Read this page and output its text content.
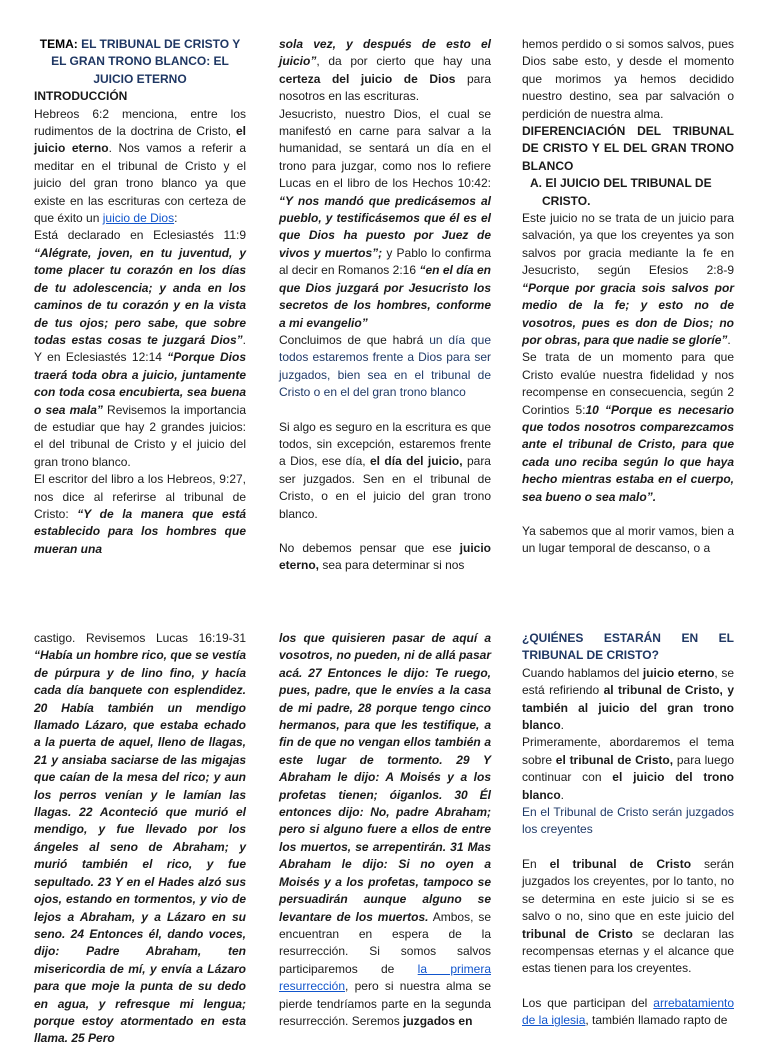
TEMA: EL TRIBUNAL DE CRISTO Y EL GRAN TRONO BLANCO: EL JUICIO ETERNO

INTRODUCCIÓN

Hebreos 6:2 menciona, entre los rudimentos de la doctrina de Cristo, el juicio eterno. Nos vamos a referir a meditar en el tribunal de Cristo y el juicio del gran trono blanco ya que existe en las escrituras con certeza de que éxito un juicio de Dios:

Está declarado en Eclesiastés 11:9 “Alégrate, joven, en tu juventud, y tome placer tu corazón en los días de tu adolescencia; y anda en los caminos de tu corazón y en la vista de tus ojos; pero sabe, que sobre todas estas cosas te juzgará Dios”. Y en Eclesiastés 12:14 “Porque Dios traerá toda obra a juicio, juntamente con toda cosa encubierta, sea buena o sea mala” Revisemos la importancia de estudiar que hay 2 grandes juicios: el del tribunal de Cristo y el juicio del gran trono blanco.

El escritor del libro a los Hebreos, 9:27, nos dice al referirse al tribunal de Cristo: “Y de la manera que está establecido para los hombres que mueran una

sola vez, y después de esto el juicio”, da por cierto que hay una certeza del juicio de Dios para nosotros en las escrituras.

Jesucristo, nuestro Dios, el cual se manifestó en carne para salvar a la humanidad, se sentará un día en el trono para juzgar, como nos lo refiere Lucas en el libro de los Hechos 10:42: “Y nos mandó que predicásemos al pueblo, y testificásemos que él es el que Dios ha puesto por Juez de vivos y muertos”; y Pablo lo confirma al decir en Romanos 2:16 “en el día en que Dios juzgará por Jesucristo los secretos de los hombres, conforme a mi evangelio”

Concluimos de que habrá un día que todos estaremos frente a Dios para ser juzgados, bien sea en el tribunal de Cristo o en el del gran trono blanco

Si algo es seguro en la escritura es que todos, sin excepción, estaremos frente a Dios, ese día, el día del juicio, para ser juzgados. Sen en el tribunal de Cristo, o en el juicio del gran trono blanco.

No debemos pensar que ese juicio eterno, sea para determinar si nos

hemos perdido o si somos salvos, pues Dios sabe esto, y desde el momento que morimos ya hemos decidido nuestro destino, sea par salvación o perdición de nuestra alma.

DIFERENCIACIÓN DEL TRIBUNAL DE CRISTO Y EL DEL GRAN TRONO BLANCO

A. El JUICIO DEL TRIBUNAL DE CRISTO.

Este juicio no se trata de un juicio para salvación, ya que los creyentes ya son salvos por gracia mediante la fe en Jesucristo, según Efesios 2:8-9 “Porque por gracia sois salvos por medio de la fe; y esto no de vosotros, pues es don de Dios; no por obras, para que nadie se gloríe”.

Se trata de un momento para que Cristo evalúe nuestra fidelidad y nos recompense en consecuencia, según 2 Corintios 5:10 “Porque es necesario que todos nosotros comparezcamos ante el tribunal de Cristo, para que cada uno reciba según lo que haya hecho mientras estaba en el cuerpo, sea bueno o sea malo”.

Ya sabemos que al morir vamos, bien a un lugar temporal de descanso, o a

castigo. Revisemos Lucas 16:19-31 “Había un hombre rico, que se vestía de púrpura y de lino fino, y hacía cada día banquete con esplendidez. 20 Había también un mendigo llamado Lázaro, que estaba echado a la puerta de aquel, lleno de llagas, 21 y ansiaba saciarse de las migajas que caían de la mesa del rico; y aun los perros venían y le lamían las llagas. 22 Aconteció que murió el mendigo, y fue llevado por los ángeles al seno de Abraham; y murió también el rico, y fue sepultado. 23 Y en el Hades alzó sus ojos, estando en tormentos, y vio de lejos a Abraham, y a Lázaro en su seno. 24 Entonces él, dando voces, dijo: Padre Abraham, ten misericordia de mí, y envía a Lázaro para que moje la punta de su dedo en agua, y refresque mi lengua; porque estoy atormentado en esta llama. 25 Pero

los que quisieren pasar de aquí a vosotros, no pueden, ni de allá pasar acá. 27 Entonces le dijo: Te ruego, pues, padre, que le envíes a la casa de mi padre, 28 porque tengo cinco hermanos, para que les testifique, a fin de que no vengan ellos también a este lugar de tormento. 29 Y Abraham le dijo: A Moisés y a los profetas tienen; óiganlos. 30 Él entonces dijo: No, padre Abraham; pero si alguno fuere a ellos de entre los muertos, se arrepentirán. 31 Mas Abraham le dijo: Si no oyen a Moisés y a los profetas, tampoco se persuadirán aunque alguno se levantare de los muertos. Ambos, se encuentran en espera de la resurrección. Si somos salvos participaremos de la primera resurrección, pero si nuestra alma se pierde tendríamos parte en la segunda resurrección. Seremos juzgados en

¿QUIÉNES ESTARÁN EN EL TRIBUNAL DE CRISTO?

Cuando hablamos del juicio eterno, se está refiriendo al tribunal de Cristo, y también al juicio del gran trono blanco.

Primeramente, abordaremos el tema sobre el tribunal de Cristo, para luego continuar con el juicio del trono blanco.

En el Tribunal de Cristo serán juzgados los creyentes

En el tribunal de Cristo serán juzgados los creyentes, por lo tanto, no se determina en este juicio si se es salvo o no, sino que en este juicio del tribunal de Cristo se declaran las recompensas eternas y el alcance que estas tienen para los creyentes.

Los que participan del arrebatamiento de la iglesia, también llamado rapto de
